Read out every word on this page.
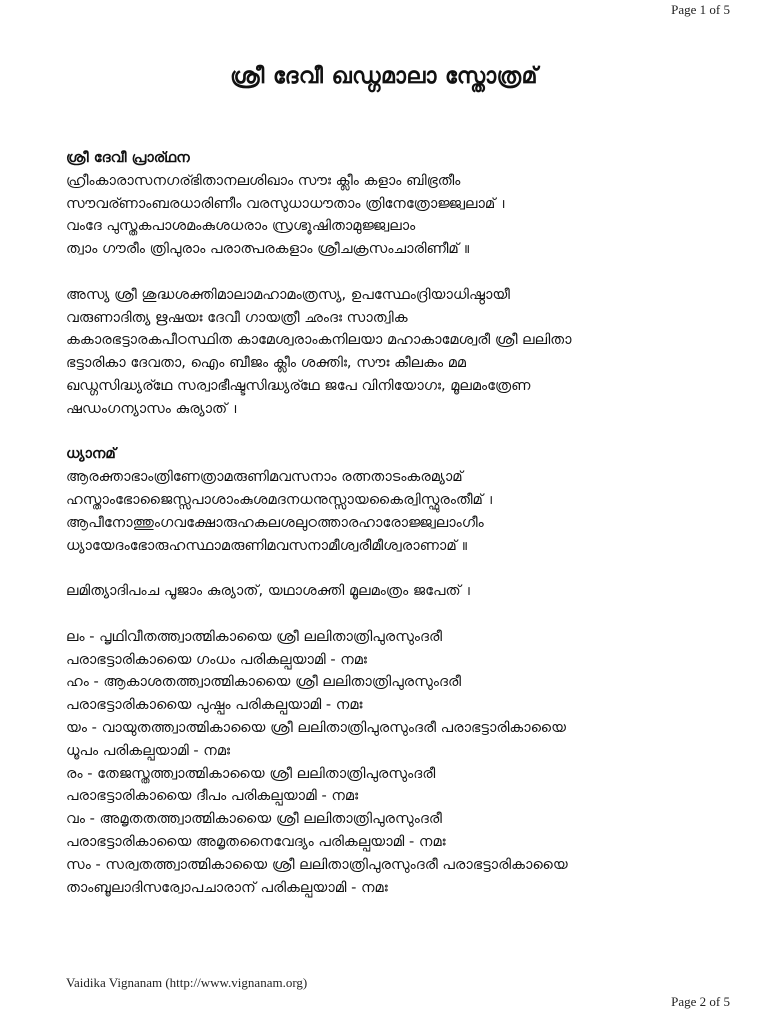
Page 1 of 5
ശ്രീ ദേവീ ഖഡ്ഗമാലാ സ്തോത്രമ്
ശ്രീ ദേവീ പ്രാര്ഥന
ഹ്രീംകാരാസനഗര്ഭിതാനലശിഖാം സൗഃ ക്ലീം കളാം ബിഭ്രതീം
സൗവര്ണാംബരധാരിണീം വരസുധാധൗതാം ത്രിനേത്രോജ്ജ്വലാമ് ।
വംദേ പുസ്തകപാശമംകുശധരാം സ്രഗ്ഭൂഷിതാമുജ്ജ്വലാം
ത്വാം ഗൗരീം ത്രിപുരാം പരാത്പരകളാം ശ്രീചക്രസംചാരിണീമ് ॥
അസ്യ ശ്രീ ശുദ്ധശക്തിമാലാമഹാമംത്രസ്യ, ഉപസ്ഥേംദ്രിയാധിഷ്ഠായീ
വരുണാദിത്യ ഋഷയഃ ദേവീ ഗായത്രീ ഛംദഃ സാത്വിക
കകാരഭട്ടാരകപീഠസ്ഥിത കാമേശ്വരാംകനിലയാ മഹാകാമേശ്വരീ ശ്രീ ലലിതാ
ഭട്ടാരികാ ദേവതാ, ഐം ബീജം ക്ലീം ശക്തിഃ, സൗഃ കീലകം മമ
ഖഡ്ഗസിദ്ധ്യര്ഥേ സര്വാഭീഷ്ടസിദ്ധ്യര്ഥേ ജപേ വിനിയോഗഃ, മൂലമംത്രേണ
ഷഡംഗന്യാസം കുര്യാത് ।
ധ്യാനമ്
ആരക്താഭാംത്രിണേത്രാമരുണിമവസനാം രത്നതാടംകരമ്യാമ്
ഹസ്താംഭോജൈസ്സപാശാംകുശമദനധനുസ്സായകൈര്വിസ്ഫുരംതീമ് ।
ആപീനോത്തുംഗവക്ഷോരുഹകലശലുഠത്താരഹാരോജ്ജ്വലാംഗീം
ധ്യായേദംഭോരുഹസ്ഥാമരുണിമവസനാമീശ്വരീമീശ്വരാണാമ് ॥
ലമിത്യാദിപംച പൂജാം കുര്യാത്, യഥാശക്തി മൂലമംത്രം ജപേത് ।
ലം - പൃഥിവീതത്ത്വാത്മികായൈ ശ്രീ ലലിതാത്രിപുരസുംദരീ
പരാഭട്ടാരികായൈ ഗംധം പരികല്പയാമി - നമഃ
ഹം - ആകാശതത്ത്വാത്മികായൈ ശ്രീ ലലിതാത്രിപുരസുംദരീ
പരാഭട്ടാരികായൈ പുഷ്പം പരികല്പയാമി - നമഃ
യം - വായുതത്ത്വാത്മികായൈ ശ്രീ ലലിതാത്രിപുരസുംദരീ പരാഭട്ടാരികായൈ
ധൂപം പരികല്പയാമി - നമഃ
രം - തേജസ്തത്ത്വാത്മികായൈ ശ്രീ ലലിതാത്രിപുരസുംദരീ
പരാഭട്ടാരികായൈ ദീപം പരികല്പയാമി - നമഃ
വം - അമൃതതത്ത്വാത്മികായൈ ശ്രീ ലലിതാത്രിപുരസുംദരീ
പരാഭട്ടാരികായൈ അമൃതനൈവേദ്യം പരികല്പയാമി - നമഃ
സം - സര്വതത്ത്വാത്മികായൈ ശ്രീ ലലിതാത്രിപുരസുംദരീ പരാഭട്ടാരികായൈ
താംബൂലാദിസര്വോപചാരാന് പരികല്പയാമി - നമഃ
Vaidika Vignanam (http://www.vignanam.org)
Page 2 of 5
